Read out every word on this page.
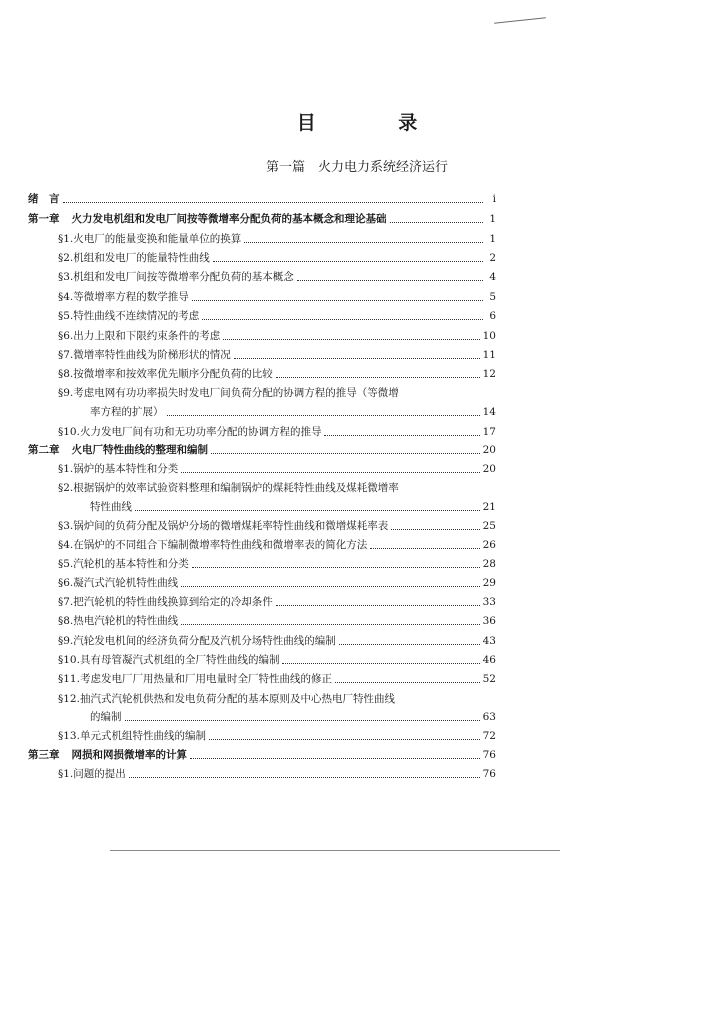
目 录
第一篇　火力电力系统经济运行
绪　言	i
第一章 火力发电机组和发电厂间按等微增率分配负荷的基本概念和理论基础	1
§1.火电厂的能量变换和能量单位的换算	1
§2.机组和发电厂的能量特性曲线	2
§3.机组和发电厂间按等微增率分配负荷的基本概念	4
§4.等微增率方程的数学推导	5
§5.特性曲线不连续情况的考虑	6
§6.出力上限和下限约束条件的考虑	10
§7.微增率特性曲线为阶梯形状的情况	11
§8.按微增率和按效率优先顺序分配负荷的比较	12
§9.考虑电网有功功率损失时发电厂间负荷分配的协调方程的推导（等微增
率方程的扩展）	14
§10.火力发电厂间有功和无功功率分配的协调方程的推导	17
第二章 火电厂特性曲线的整理和编制	20
§1.锅炉的基本特性和分类	20
§2.根据锅炉的效率试验资料整理和编制锅炉的煤耗特性曲线及煤耗微增率
特性曲线	21
§3.锅炉间的负荷分配及锅炉分场的微增煤耗率特性曲线和微增煤耗率表	25
§4.在锅炉的不同组合下编制微增率特性曲线和微增率表的简化方法	26
§5.汽轮机的基本特性和分类	28
§6.凝汽式汽轮机特性曲线	29
§7.把汽轮机的特性曲线换算到给定的冷却条件	33
§8.热电汽轮机的特性曲线	36
§9.汽轮发电机间的经济负荷分配及汽机分场特性曲线的编制	43
§10.具有母管凝汽式机组的全厂特性曲线的编制	46
§11.考虑发电厂厂用热量和厂用电量时全厂特性曲线的修正	52
§12.抽汽式汽轮机供热和发电负荷分配的基本原则及中心热电厂特性曲线
的编制	63
§13.单元式机组特性曲线的编制	72
第三章 网损和网损微增率的计算	76
§1.问题的提出	76
